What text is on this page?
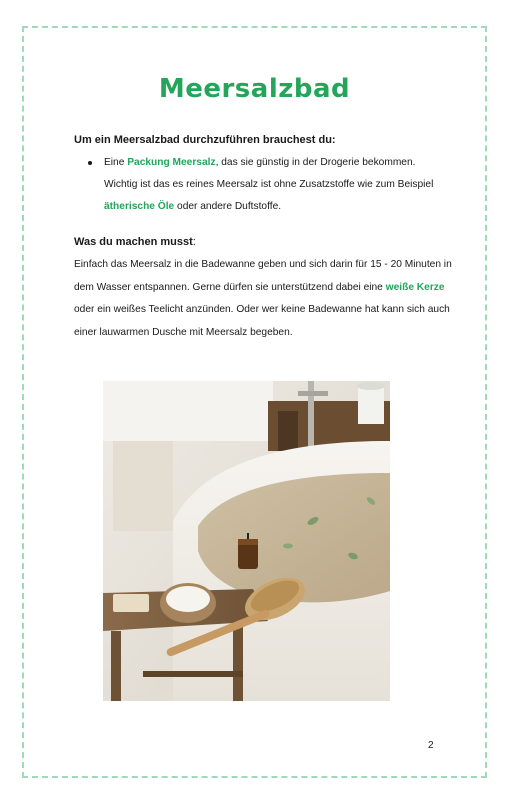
Meersalzbad
Um ein Meersalzbad durchzuführen brauchest du:
Eine Packung Meersalz, das sie günstig in der Drogerie bekommen. Wichtig ist das es reines Meersalz ist ohne Zusatzstoffe wie zum Beispiel ätherische Öle oder andere Duftstoffe.
Was du machen musst:

Einfach das Meersalz in die Badewanne geben und sich darin für 15 - 20 Minuten in dem Wasser entspannen. Gerne dürfen sie unterstützend dabei eine weiße Kerze oder ein weißes Teelicht anzünden. Oder wer keine Badewanne hat kann sich auch einer lauwarmen Dusche mit Meersalz begeben.

2
